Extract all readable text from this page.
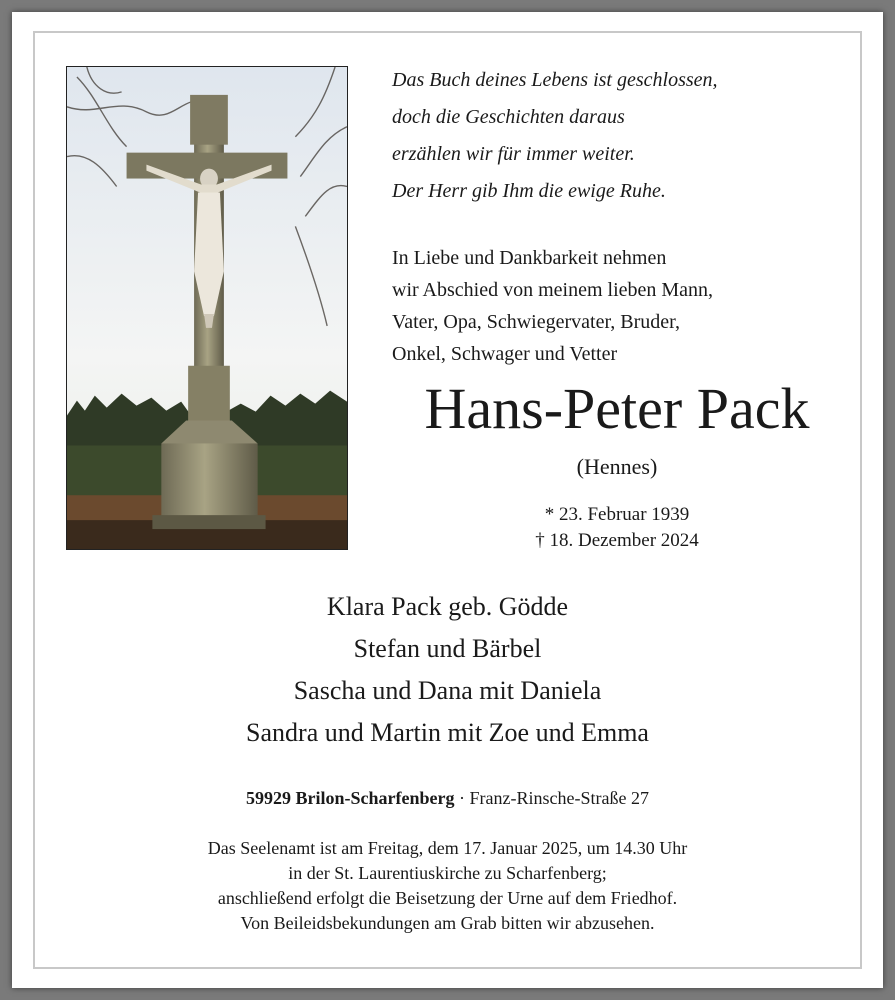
Das Buch deines Lebens ist geschlossen,
doch die Geschichten daraus
erzählen wir für immer weiter.
Der Herr gib Ihm die ewige Ruhe.
In Liebe und Dankbarkeit nehmen
wir Abschied von meinem lieben Mann,
Vater, Opa, Schwiegervater, Bruder,
Onkel, Schwager und Vetter
Hans-Peter Pack
(Hennes)
* 23. Februar 1939
† 18. Dezember 2024
Klara Pack geb. Gödde
Stefan und Bärbel
Sascha und Dana mit Daniela
Sandra und Martin mit Zoe und Emma
59929 Brilon-Scharfenberg · Franz-Rinsche-Straße 27
Das Seelenamt ist am Freitag, dem 17. Januar 2025, um 14.30 Uhr
in der St. Laurentiuskirche zu Scharfenberg;
anschließend erfolgt die Beisetzung der Urne auf dem Friedhof.
Von Beileidsbekundungen am Grab bitten wir abzusehen.
